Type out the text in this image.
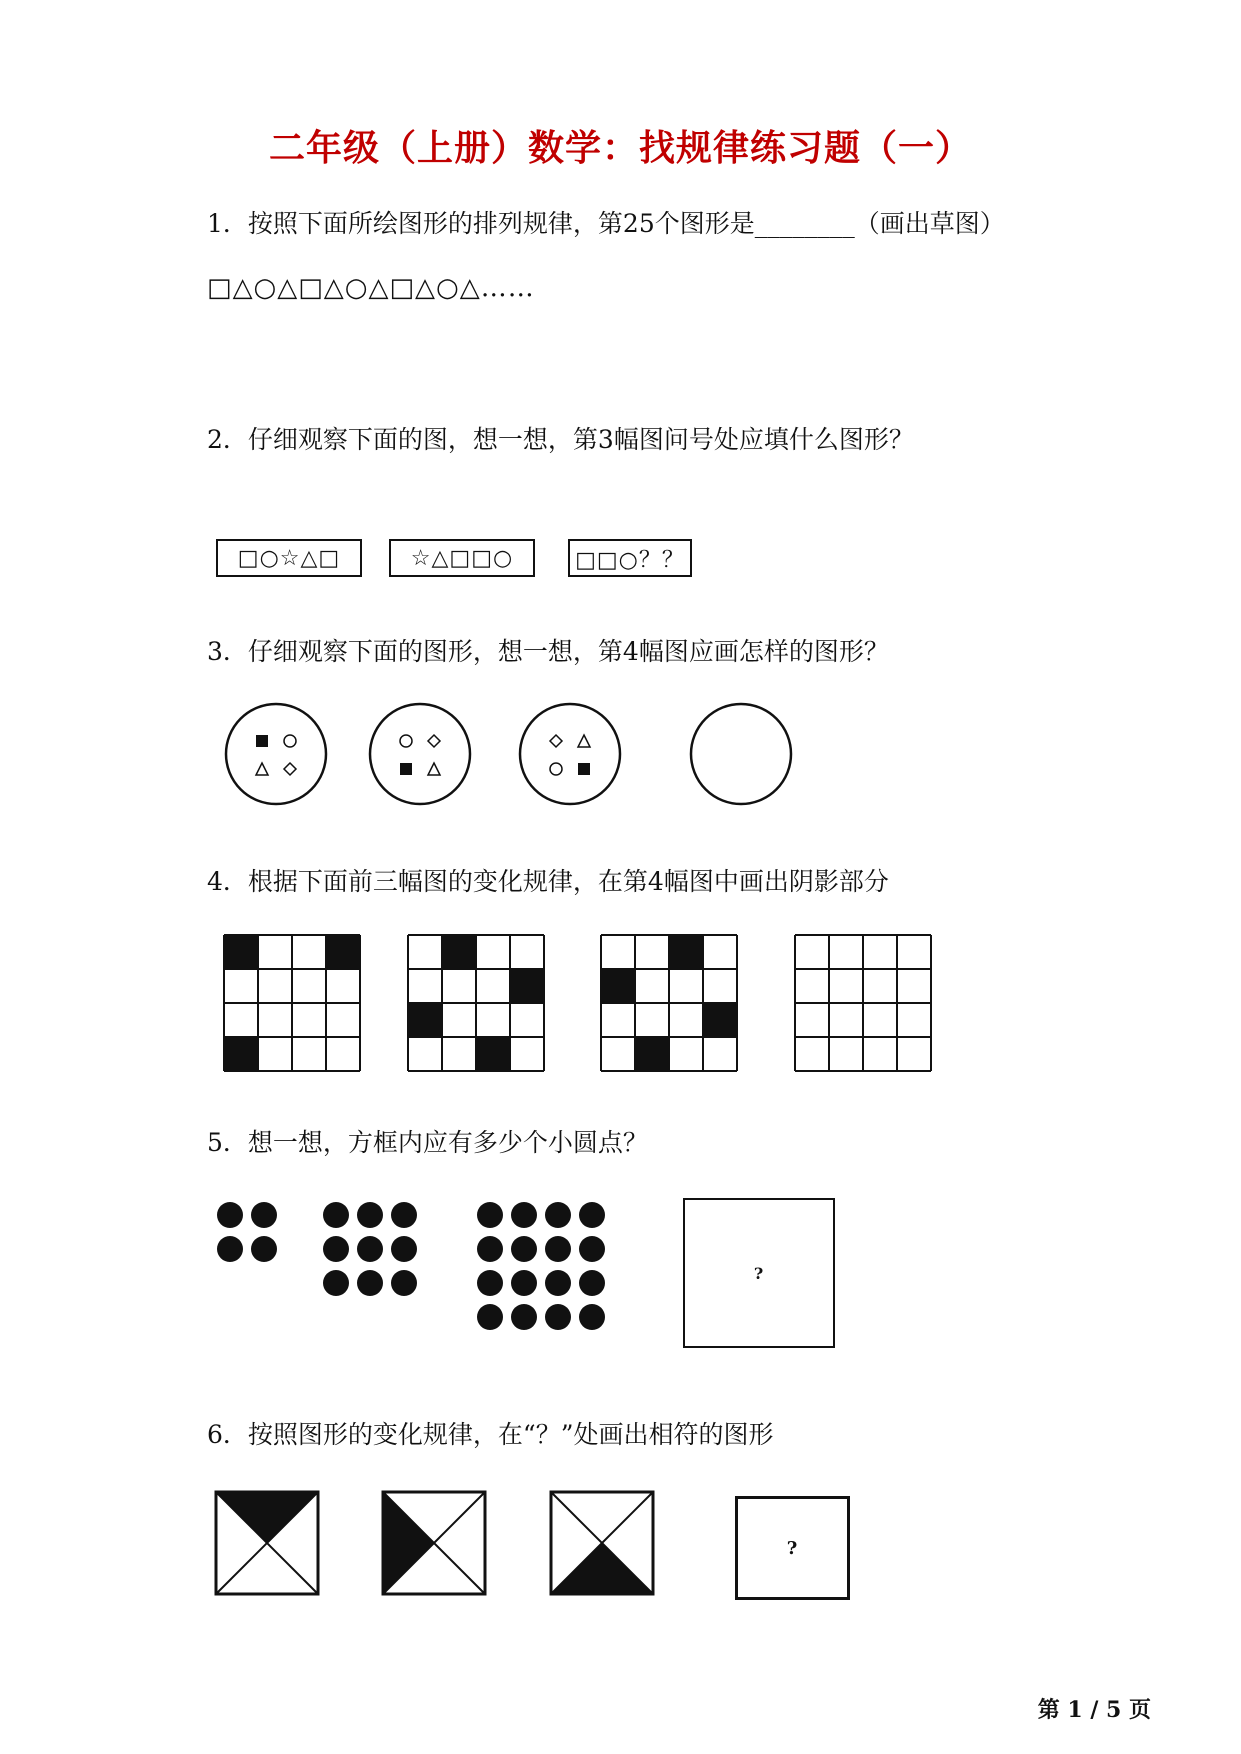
二年级（上册）数学：找规律练习题（一）
1．按照下面所绘图形的排列规律，第25个图形是________（画出草图）
□△○△□△○△□△○△……
2．仔细观察下面的图，想一想，第3幅图问号处应填什么图形？
□○☆△□	☆△□□○	□□○？？
3．仔细观察下面的图形，想一想，第4幅图应画怎样的图形？
4．根据下面前三幅图的变化规律，在第4幅图中画出阴影部分
5．想一想，方框内应有多少个小圆点？
?
6．按照图形的变化规律，在“？”处画出相符的图形
?
第 1 / 5 页
